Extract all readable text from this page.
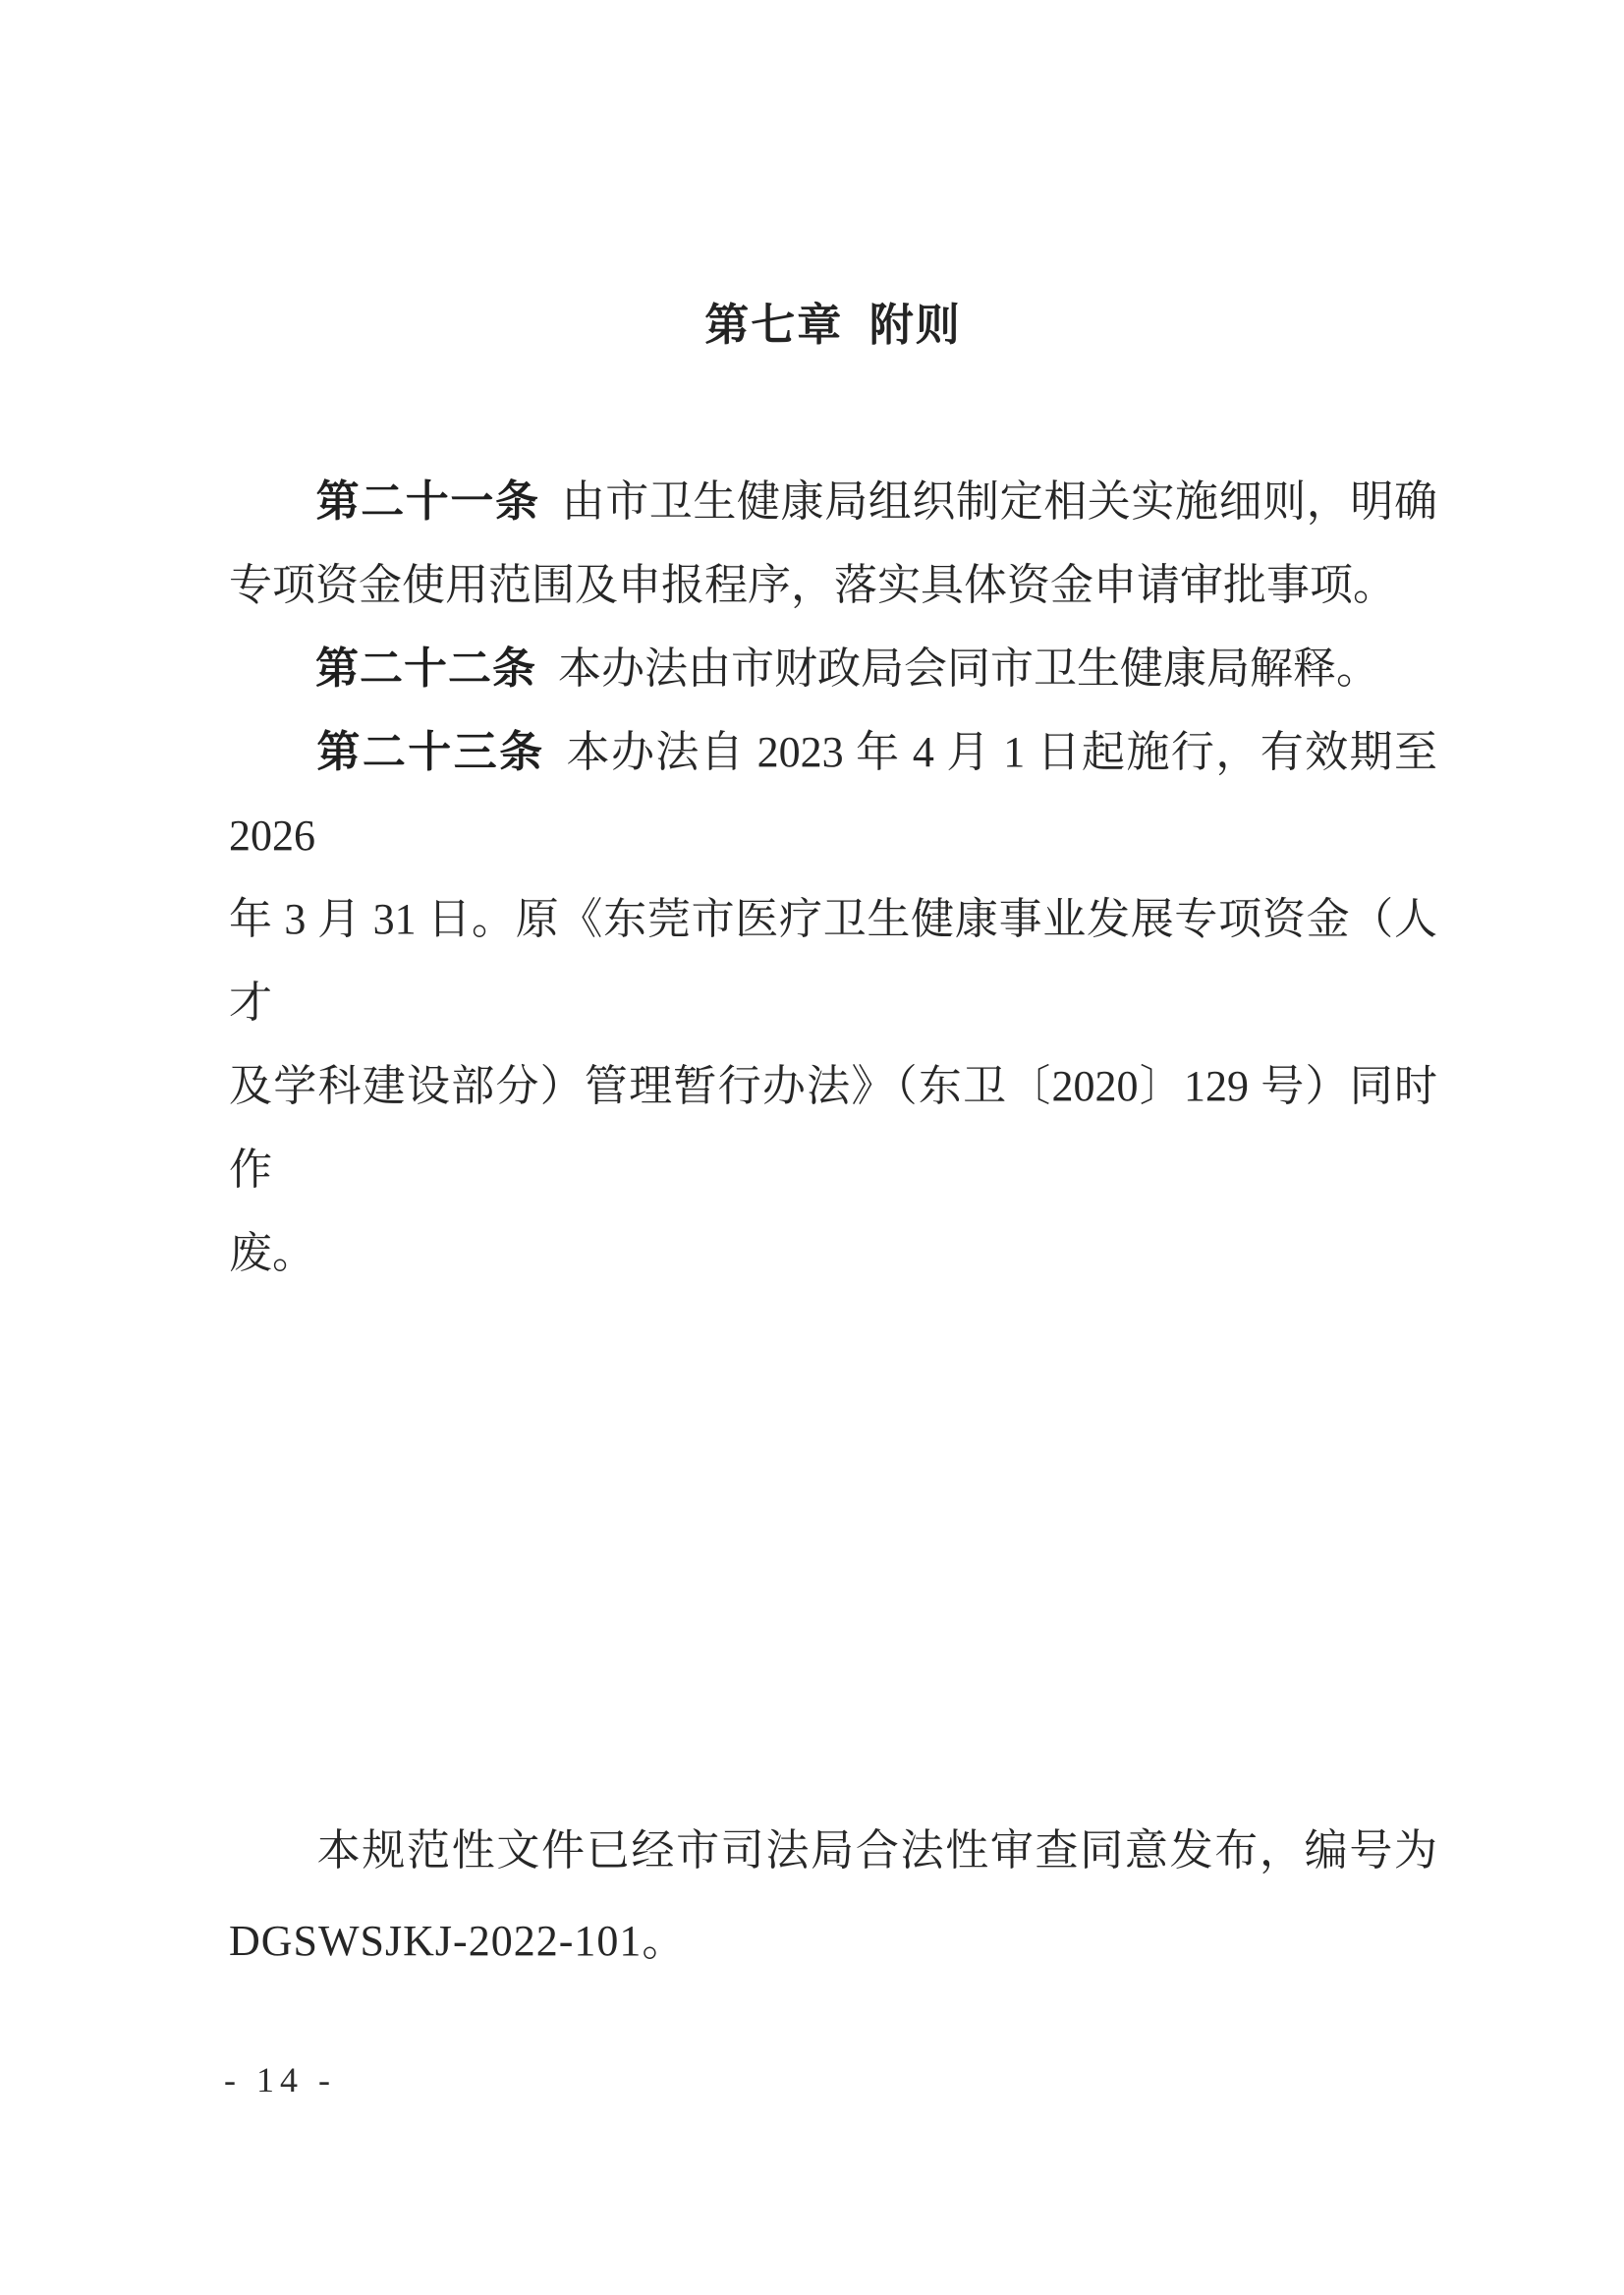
第七章 附则
第二十一条 由市卫生健康局组织制定相关实施细则，明确
专项资金使用范围及申报程序，落实具体资金申请审批事项。
第二十二条 本办法由市财政局会同市卫生健康局解释。
第二十三条 本办法自 2023 年 4 月 1 日起施行，有效期至 2026
年 3 月 31 日。原《东莞市医疗卫生健康事业发展专项资金（人才
及学科建设部分）管理暂行办法》（东卫〔2020〕129 号）同时作
废。
本规范性文件已经市司法局合法性审查同意发布，编号为
DGSWSJKJ-2022-101。
- 14 -
